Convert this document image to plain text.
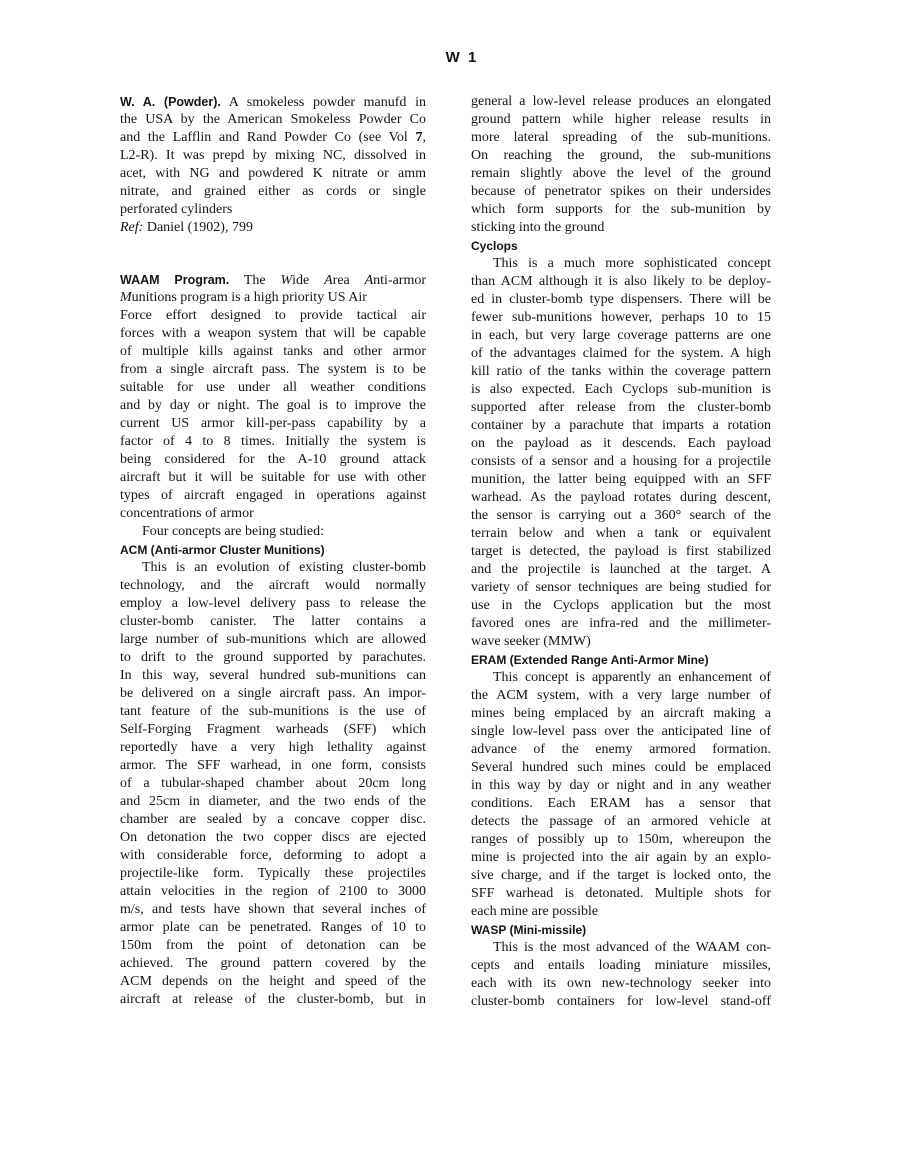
W 1
W. A. (Powder). A smokeless powder manufd in
the USA by the American Smokeless Powder Co
and the Lafflin and Rand Powder Co (see Vol 7,
L2-R). It was prepd by mixing NC, dissolved in
acet, with NG and powdered K nitrate or amm
nitrate, and grained either as cords or single
perforated cylinders
Ref: Daniel (1902), 799
WAAM Program. The Wide Area Anti-armor
Munitions program is a high priority US Air
Force effort designed to provide tactical air
forces with a weapon system that will be capable
of multiple kills against tanks and other armor
from a single aircraft pass. The system is to be
suitable for use under all weather conditions
and by day or night. The goal is to improve the
current US armor kill-per-pass capability by a
factor of 4 to 8 times. Initially the system is
being considered for the A-10 ground attack
aircraft but it will be suitable for use with other
types of aircraft engaged in operations against
concentrations of armor
Four concepts are being studied:
ACM (Anti-armor Cluster Munitions)
This is an evolution of existing cluster-bomb
technology, and the aircraft would normally
employ a low-level delivery pass to release the
cluster-bomb canister. The latter contains a
large number of sub-munitions which are allowed
to drift to the ground supported by parachutes.
In this way, several hundred sub-munitions can
be delivered on a single aircraft pass. An impor-
tant feature of the sub-munitions is the use of
Self-Forging Fragment warheads (SFF) which
reportedly have a very high lethality against
armor. The SFF warhead, in one form, consists
of a tubular-shaped chamber about 20cm long
and 25cm in diameter, and the two ends of the
chamber are sealed by a concave copper disc.
On detonation the two copper discs are ejected
with considerable force, deforming to adopt a
projectile-like form. Typically these projectiles
attain velocities in the region of 2100 to 3000
m/s, and tests have shown that several inches of
armor plate can be penetrated. Ranges of 10 to
150m from the point of detonation can be
achieved. The ground pattern covered by the
ACM depends on the height and speed of the
aircraft at release of the cluster-bomb, but in
general a low-level release produces an elongated
ground pattern while higher release results in
more lateral spreading of the sub-munitions.
On reaching the ground, the sub-munitions
remain slightly above the level of the ground
because of penetrator spikes on their undersides
which form supports for the sub-munition by
sticking into the ground
Cyclops
This is a much more sophisticated concept
than ACM although it is also likely to be deploy-
ed in cluster-bomb type dispensers. There will be
fewer sub-munitions however, perhaps 10 to 15
in each, but very large coverage patterns are one
of the advantages claimed for the system. A high
kill ratio of the tanks within the coverage pattern
is also expected. Each Cyclops sub-munition is
supported after release from the cluster-bomb
container by a parachute that imparts a rotation
on the payload as it descends. Each payload
consists of a sensor and a housing for a projectile
munition, the latter being equipped with an SFF
warhead. As the payload rotates during descent,
the sensor is carrying out a 360° search of the
terrain below and when a tank or equivalent
target is detected, the payload is first stabilized
and the projectile is launched at the target. A
variety of sensor techniques are being studied for
use in the Cyclops application but the most
favored ones are infra-red and the millimeter-
wave seeker (MMW)
ERAM (Extended Range Anti-Armor Mine)
This concept is apparently an enhancement of
the ACM system, with a very large number of
mines being emplaced by an aircraft making a
single low-level pass over the anticipated line of
advance of the enemy armored formation.
Several hundred such mines could be emplaced
in this way by day or night and in any weather
conditions. Each ERAM has a sensor that
detects the passage of an armored vehicle at
ranges of possibly up to 150m, whereupon the
mine is projected into the air again by an explo-
sive charge, and if the target is locked onto, the
SFF warhead is detonated. Multiple shots for
each mine are possible
WASP (Mini-missile)
This is the most advanced of the WAAM con-
cepts and entails loading miniature missiles,
each with its own new-technology seeker into
cluster-bomb containers for low-level stand-off
